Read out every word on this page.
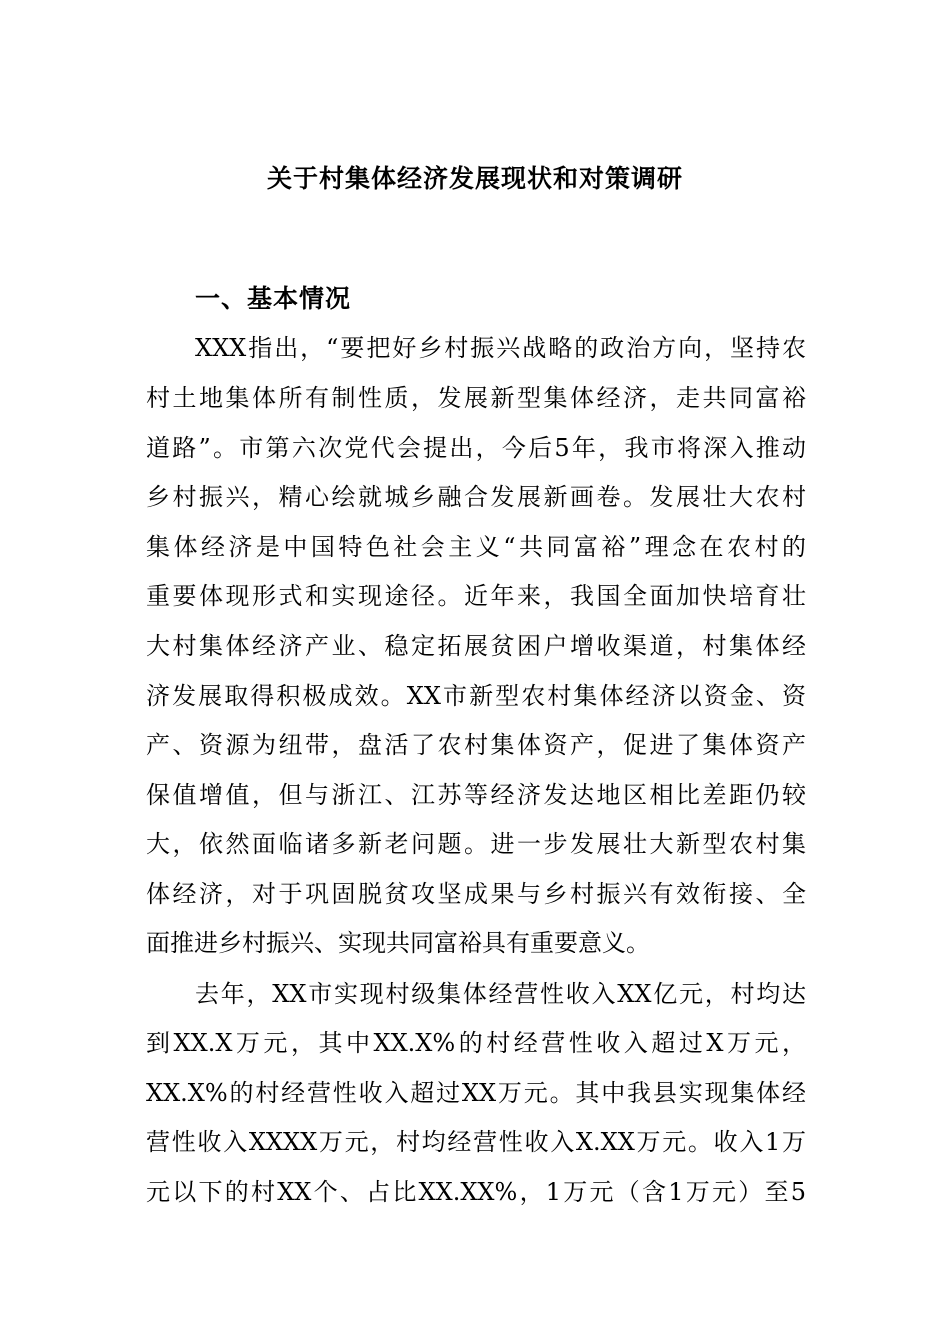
关于村集体经济发展现状和对策调研
一、基本情况
XXX指出，“要把好乡村振兴战略的政治方向，坚持农
村土地集体所有制性质，发展新型集体经济，走共同富裕
道路”。市第六次党代会提出，今后5年，我市将深入推动
乡村振兴，精心绘就城乡融合发展新画卷。发展壮大农村
集体经济是中国特色社会主义“共同富裕”理念在农村的
重要体现形式和实现途径。近年来，我国全面加快培育壮
大村集体经济产业、稳定拓展贫困户增收渠道，村集体经
济发展取得积极成效。XX市新型农村集体经济以资金、资
产、资源为纽带，盘活了农村集体资产，促进了集体资产
保值增值，但与浙江、江苏等经济发达地区相比差距仍较
大，依然面临诸多新老问题。进一步发展壮大新型农村集
体经济，对于巩固脱贫攻坚成果与乡村振兴有效衔接、全
面推进乡村振兴、实现共同富裕具有重要意义。
去年，XX市实现村级集体经营性收入XX亿元，村均达
到XX.X万元，其中XX.X%的村经营性收入超过X万元，
XX.X%的村经营性收入超过XX万元。其中我县实现集体经
营性收入XXXX万元，村均经营性收入X.XX万元。收入1万
元以下的村XX个、占比XX.XX%，1万元（含1万元）至5
